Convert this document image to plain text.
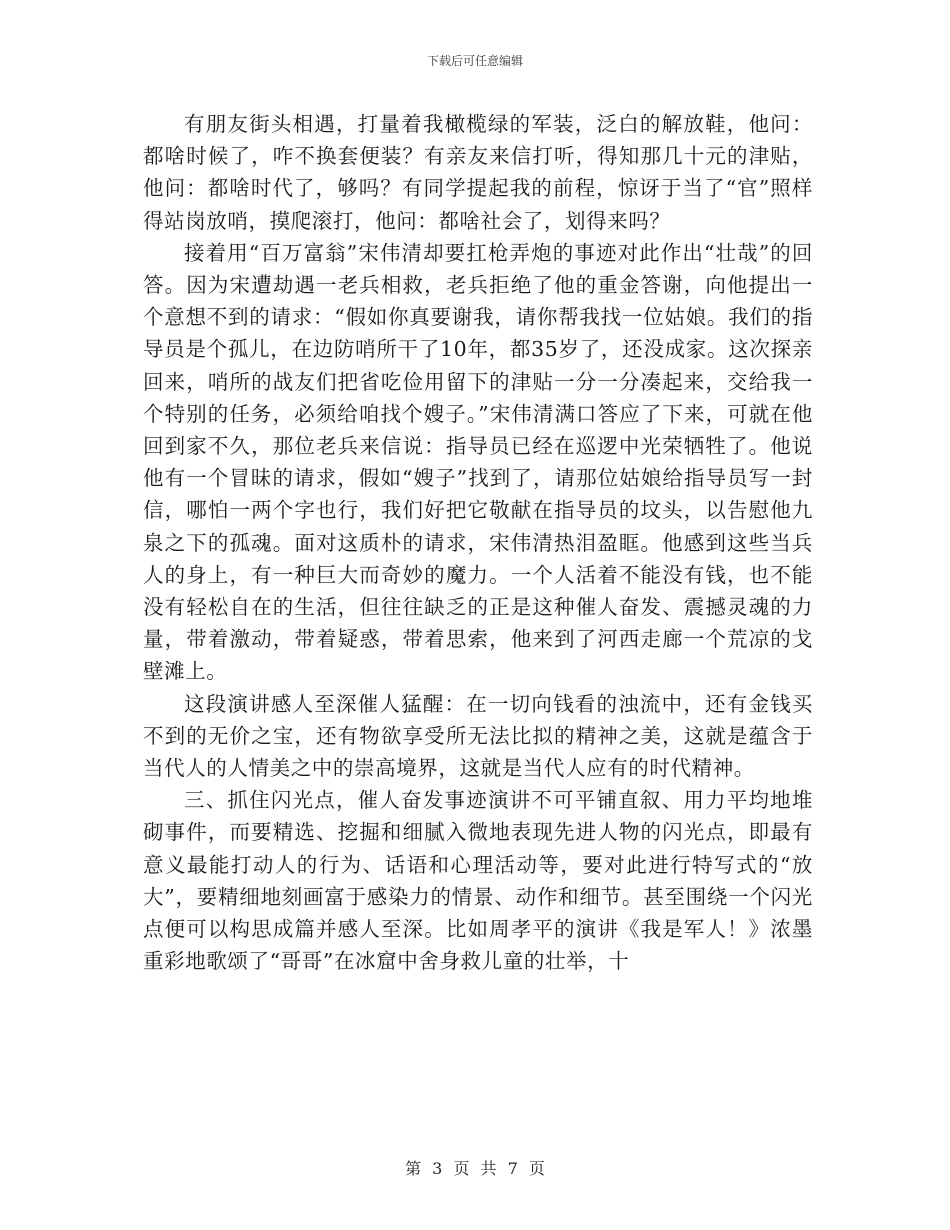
下载后可任意编辑

有朋友街头相遇，打量着我橄榄绿的军装，泛白的解放鞋，他问：都啥时候了，咋不换套便装？有亲友来信打听，得知那几十元的津贴，他问：都啥时代了，够吗？有同学提起我的前程，惊讶于当了“官”照样得站岗放哨，摸爬滚打，他问：都啥社会了，划得来吗？

接着用“百万富翁”宋伟清却要扛枪弄炮的事迹对此作出“壮哉”的回答。因为宋遭劫遇一老兵相救，老兵拒绝了他的重金答谢，向他提出一个意想不到的请求：“假如你真要谢我，请你帮我找一位姑娘。我们的指导员是个孤儿，在边防哨所干了10年，都35岁了，还没成家。这次探亲回来，哨所的战友们把省吃俭用留下的津贴一分一分凑起来，交给我一个特别的任务，必须给咱找个嫂子。”宋伟清满口答应了下来，可就在他回到家不久，那位老兵来信说：指导员已经在巡逻中光荣牺牲了。他说他有一个冒昧的请求，假如“嫂子”找到了，请那位姑娘给指导员写一封信，哪怕一两个字也行，我们好把它敬献在指导员的坟头，以告慰他九泉之下的孤魂。面对这质朴的请求，宋伟清热泪盈眶。他感到这些当兵人的身上，有一种巨大而奇妙的魔力。一个人活着不能没有钱，也不能没有轻松自在的生活，但往往缺乏的正是这种催人奋发、震撼灵魂的力量，带着激动，带着疑惑，带着思索，他来到了河西走廊一个荒凉的戈壁滩上。

这段演讲感人至深催人猛醒：在一切向钱看的浊流中，还有金钱买不到的无价之宝，还有物欲享受所无法比拟的精神之美，这就是蕴含于当代人的人情美之中的崇高境界，这就是当代人应有的时代精神。

三、抓住闪光点，催人奋发事迹演讲不可平铺直叙、用力平均地堆砌事件，而要精选、挖掘和细腻入微地表现先进人物的闪光点，即最有意义最能打动人的行为、话语和心理活动等，要对此进行特写式的“放大”，要精细地刻画富于感染力的情景、动作和细节。甚至围绕一个闪光点便可以构思成篇并感人至深。比如周孝平的演讲《我是军人！》浓墨重彩地歌颂了“哥哥”在冰窟中舍身救儿童的壮举，十

第 3 页 共 7 页
